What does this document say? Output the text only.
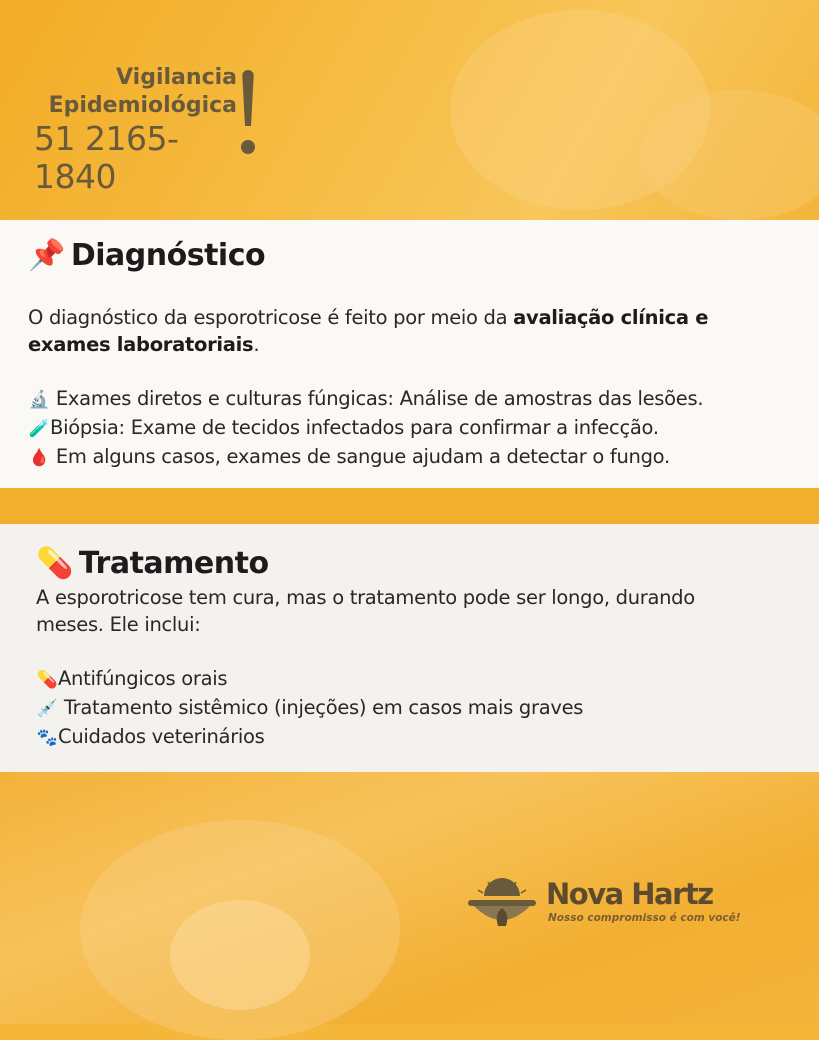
Vigilancia
Epidemiológica
51 2165-1840
📌 Diagnóstico
O diagnóstico da esporotricose é feito por meio da avaliação clínica e exames laboratoriais.
🔬 Exames diretos e culturas fúngicas: Análise de amostras das lesões.
🧪Biópsia: Exame de tecidos infectados para confirmar a infecção.
🩸 Em alguns casos, exames de sangue ajudam a detectar o fungo.
💊 Tratamento
A esporotricose tem cura, mas o tratamento pode ser longo, durando meses. Ele inclui:
💊Antifúngicos orais
💉 Tratamento sistêmico (injeções) em casos mais graves
🐾Cuidados veterinários
Nova Hartz
Nosso compromisso é com você!
